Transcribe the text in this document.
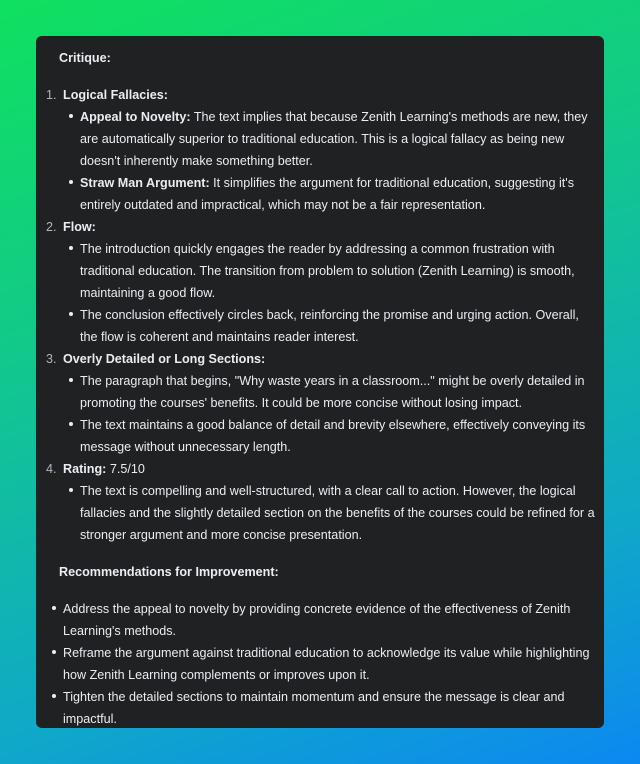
Critique:

1. Logical Fallacies:
Appeal to Novelty: The text implies that because Zenith Learning's methods are new, they are automatically superior to traditional education. This is a logical fallacy as being new doesn't inherently make something better.
Straw Man Argument: It simplifies the argument for traditional education, suggesting it's entirely outdated and impractical, which may not be a fair representation.
2. Flow:
The introduction quickly engages the reader by addressing a common frustration with traditional education. The transition from problem to solution (Zenith Learning) is smooth, maintaining a good flow.
The conclusion effectively circles back, reinforcing the promise and urging action. Overall, the flow is coherent and maintains reader interest.
3. Overly Detailed or Long Sections:
The paragraph that begins, "Why waste years in a classroom..." might be overly detailed in promoting the courses' benefits. It could be more concise without losing impact.
The text maintains a good balance of detail and brevity elsewhere, effectively conveying its message without unnecessary length.
4. Rating: 7.5/10
The text is compelling and well-structured, with a clear call to action. However, the logical fallacies and the slightly detailed section on the benefits of the courses could be refined for a stronger argument and more concise presentation.

Recommendations for Improvement:

Address the appeal to novelty by providing concrete evidence of the effectiveness of Zenith Learning's methods.
Reframe the argument against traditional education to acknowledge its value while highlighting how Zenith Learning complements or improves upon it.
Tighten the detailed sections to maintain momentum and ensure the message is clear and impactful.
